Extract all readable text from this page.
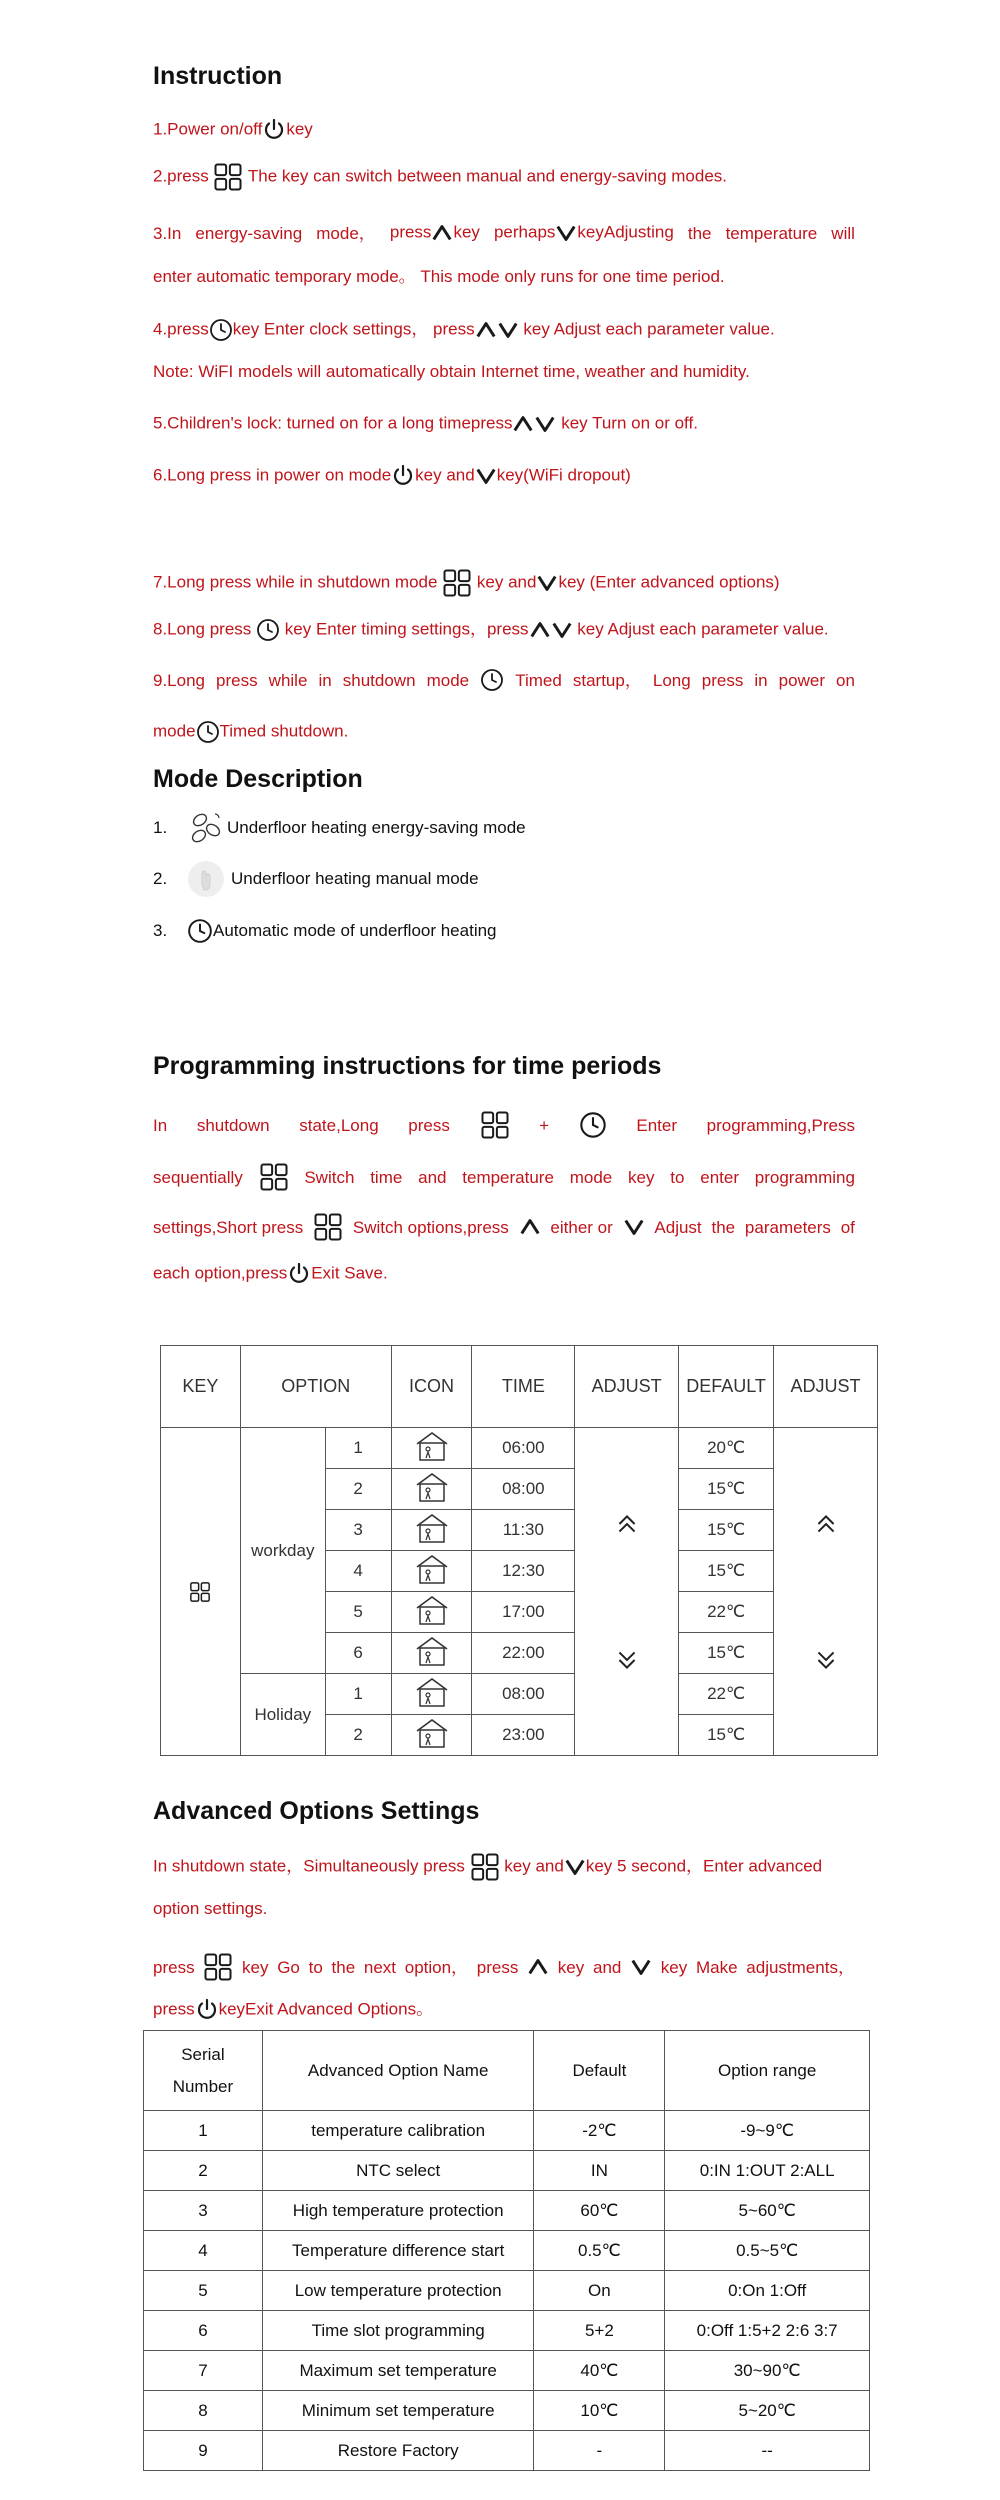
Instruction
1.Power on/off key
2.press The key can switch between manual and energy-saving modes.
3.In energy-saving mode， press key perhaps keyAdjusting the temperature will
enter automatic temporary mode。 This mode only runs for one time period.
4.press key Enter clock settings， press	key Adjust each parameter value.
Note: WiFI models will automatically obtain Internet time, weather and humidity.
5.Children's lock: turned on for a long timepress	key Turn on or off.
6.Long press in power on mode key and key(WiFi dropout)
7.Long press while in shutdown mode key and key (Enter advanced options)
8.Long press key Enter timing settings，press	key Adjust each parameter value.
9.Long press while in shutdown mode	Timed startup， Long press in power on
mode Timed shutdown.
Mode Description
1.	Underfloor heating energy-saving mode
2.	Underfloor heating manual mode
3.	Automatic mode of underfloor heating
Programming instructions for time periods
In shutdown state,Long press	+	Enter programming,Press
sequentially	Switch time and temperature mode key to enter programming
settings,Short press	Switch options,press either or Adjust the parameters of
each option,press Exit Save.
KEY	OPTION		ICON	TIME	ADJUST	DEFAULT	ADJUST

	workday	1		06:00		20℃	

		2		08:00		15℃	
		3		11:30		15℃	
		4		12:30		15℃	
		5		17:00		22℃	
		6		22:00		15℃	
	Holiday	1		08:00		22℃	
		2		23:00		15℃	
Advanced Options Settings
In shutdown state，Simultaneously press key and key 5 second，Enter advanced
option settings.
press	key Go to the next option， press key and key Make adjustments，
press keyExit Advanced Options。
Serial
Number	Advanced Option Name	Default	Option range
1	temperature calibration	-2℃	-9~9℃
2	NTC select	IN	0:IN 1:OUT 2:ALL
3	High temperature protection	60℃	5~60℃
4	Temperature difference start	0.5℃	0.5~5℃
5	Low temperature protection	On	0:On 1:Off
6	Time slot programming	5+2	0:Off 1:5+2 2:6 3:7
7	Maximum set temperature	40℃	30~90℃
8	Minimum set temperature	10℃	5~20℃
9	Restore Factory	-	--
